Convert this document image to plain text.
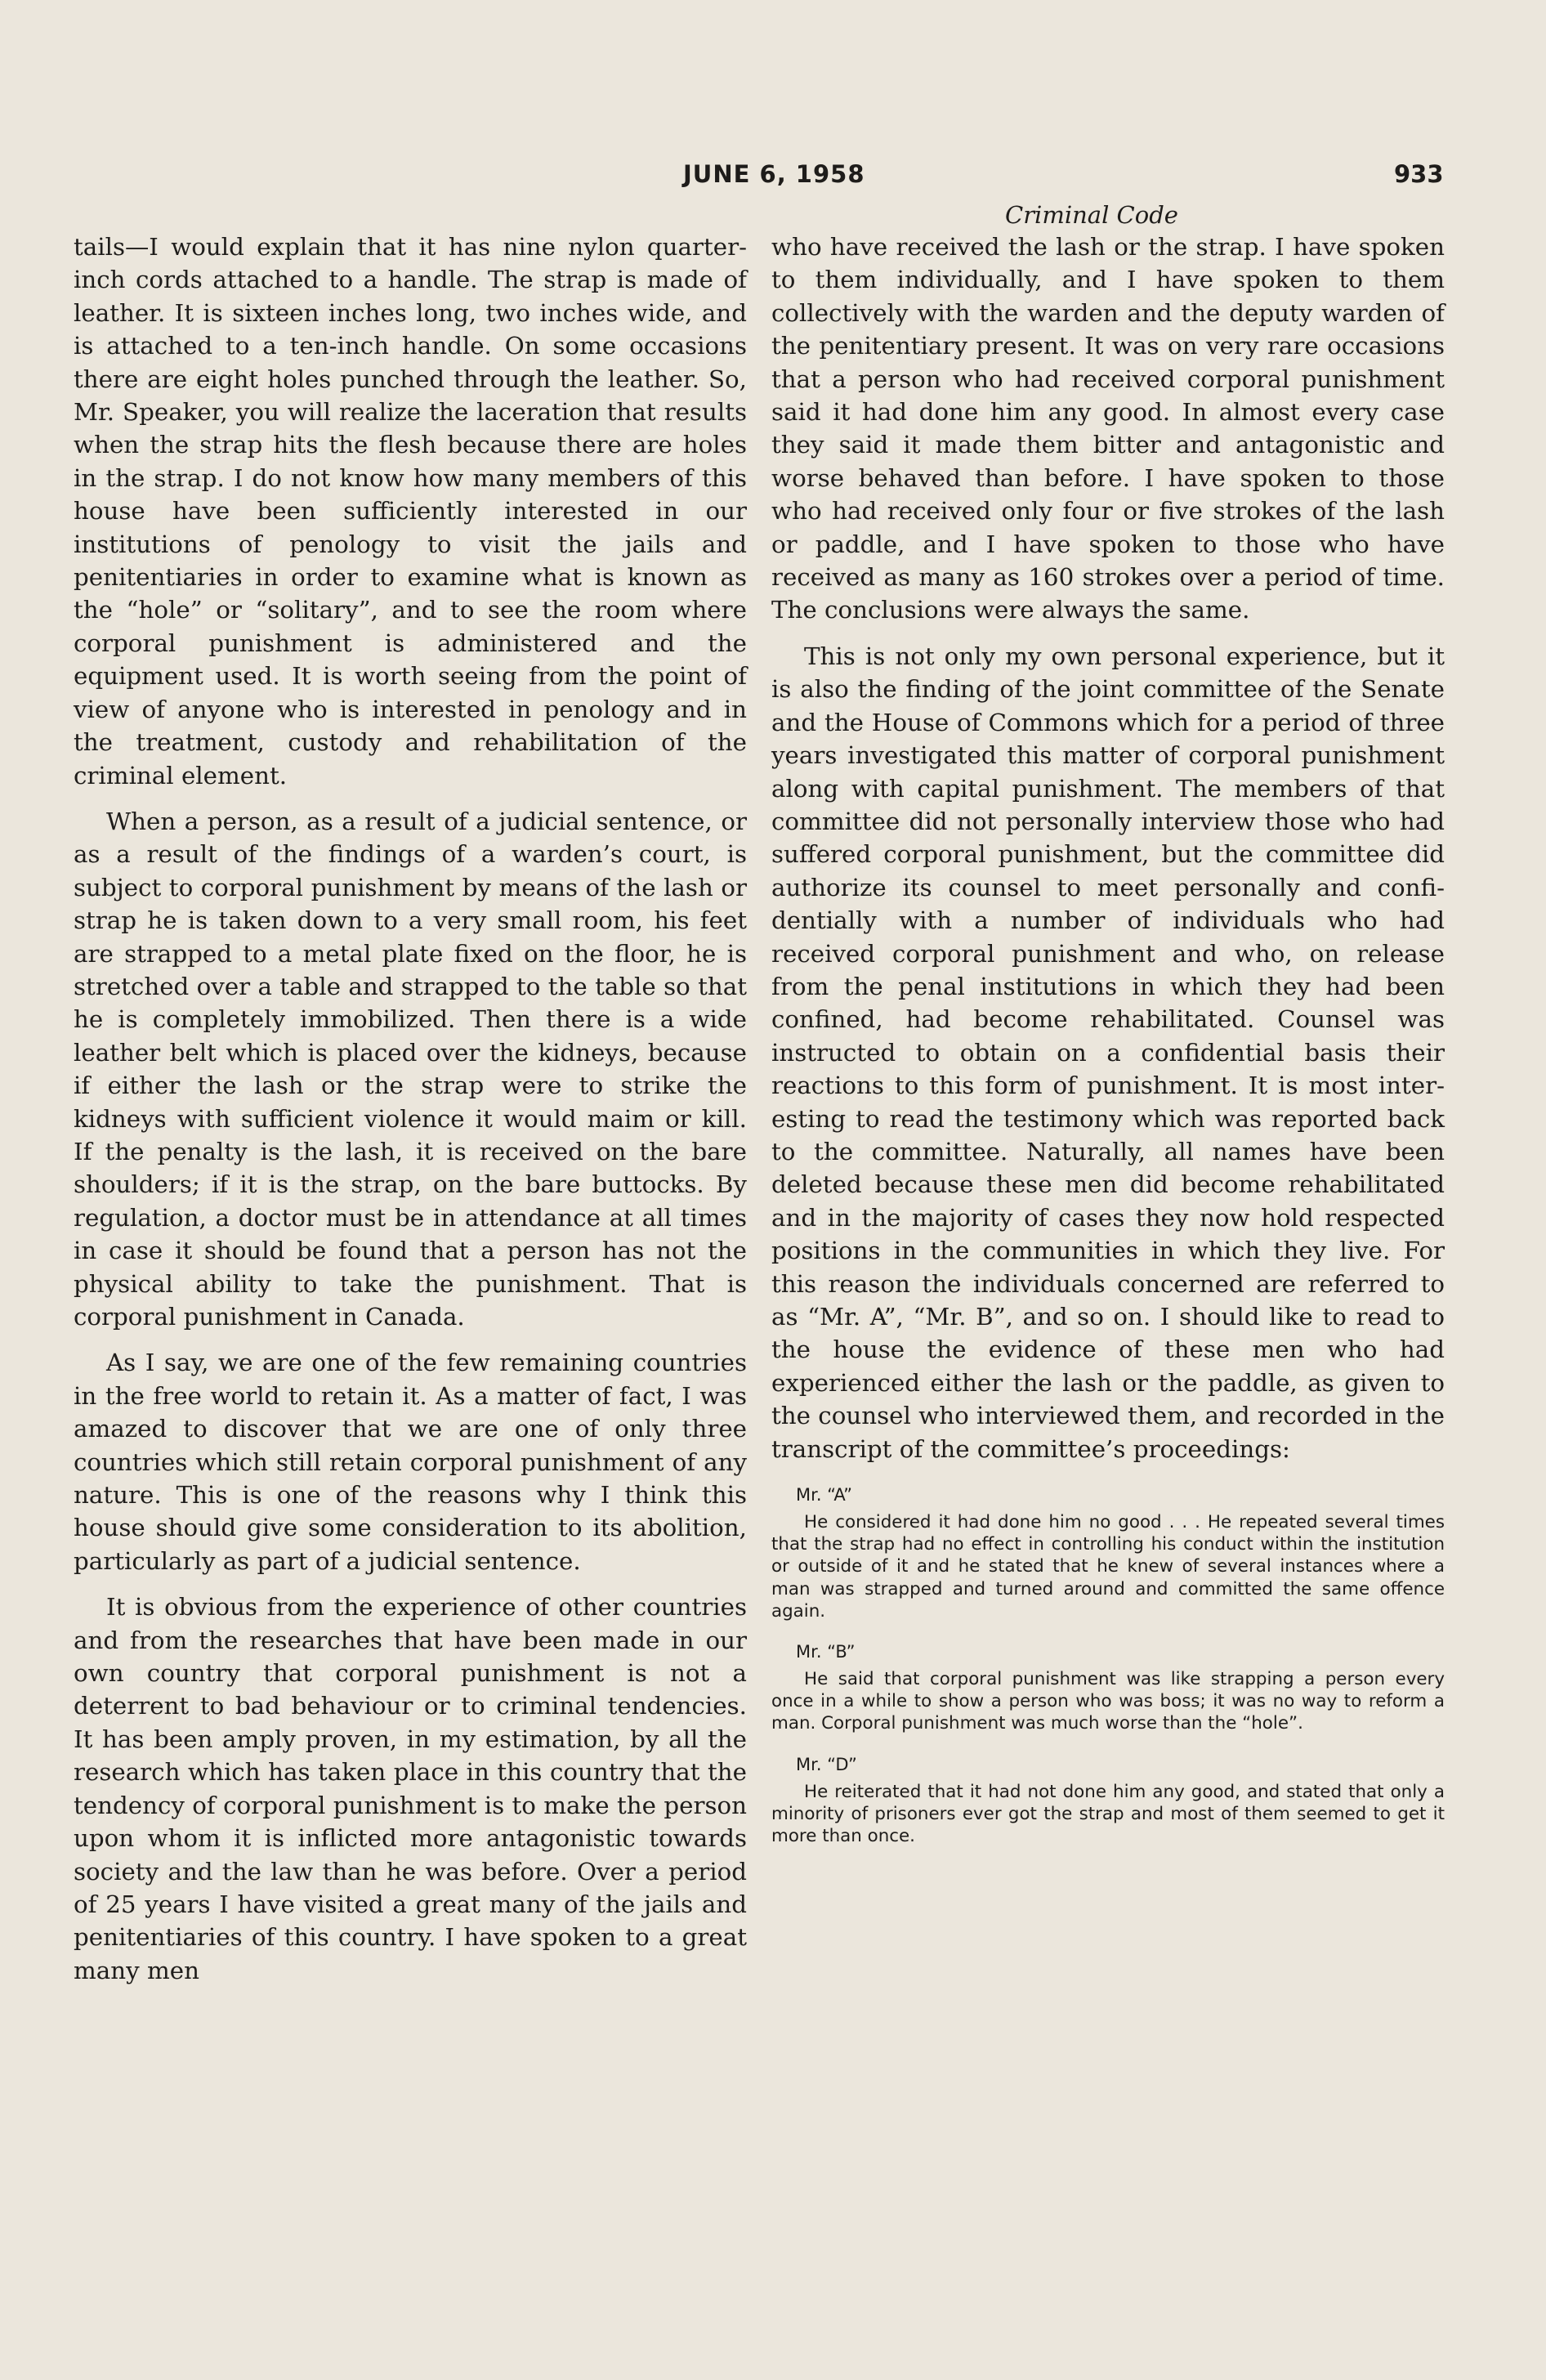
JUNE 6, 1958	933
Criminal Code

tails—I would explain that it has nine nylon quarter-inch cords attached to a handle. The strap is made of leather. It is sixteen inches long, two inches wide, and is attached to a ten-inch handle. On some occasions there are eight holes punched through the leather. So, Mr. Speaker, you will realize the laceration that results when the strap hits the flesh because there are holes in the strap. I do not know how many members of this house have been sufficiently interested in our institutions of penology to visit the jails and penitentiaries in order to examine what is known as the “hole” or “solitary”, and to see the room where corporal punishment is administered and the equipment used. It is worth seeing from the point of view of anyone who is interested in penology and in the treatment, custody and rehabilitation of the criminal element.

When a person, as a result of a judicial sentence, or as a result of the findings of a warden’s court, is subject to corporal punishment by means of the lash or strap he is taken down to a very small room, his feet are strapped to a metal plate fixed on the floor, he is stretched over a table and strapped to the table so that he is completely immobilized. Then there is a wide leather belt which is placed over the kidneys, because if either the lash or the strap were to strike the kidneys with sufficient violence it would maim or kill. If the penalty is the lash, it is received on the bare shoulders; if it is the strap, on the bare buttocks. By regulation, a doctor must be in attendance at all times in case it should be found that a person has not the physical ability to take the punishment. That is corporal punishment in Canada.

As I say, we are one of the few remaining countries in the free world to retain it. As a matter of fact, I was amazed to discover that we are one of only three countries which still retain corporal punishment of any nature. This is one of the reasons why I think this house should give some consideration to its abolition, particularly as part of a judicial sentence.

It is obvious from the experience of other countries and from the researches that have been made in our own country that corporal punishment is not a deterrent to bad behaviour or to criminal tendencies. It has been amply proven, in my estimation, by all the research which has taken place in this country that the tendency of corporal punishment is to make the person upon whom it is inflicted more antagonistic towards society and the law than he was before. Over a period of 25 years I have visited a great many of the jails and penitentiaries of this country. I have spoken to a great many men

who have received the lash or the strap. I have spoken to them individually, and I have spoken to them collectively with the warden and the deputy warden of the penitentiary present. It was on very rare occasions that a person who had received corporal punishment said it had done him any good. In almost every case they said it made them bitter and antagonistic and worse behaved than before. I have spoken to those who had received only four or five strokes of the lash or paddle, and I have spoken to those who have received as many as 160 strokes over a period of time. The conclusions were always the same.

This is not only my own personal experience, but it is also the finding of the joint committee of the Senate and the House of Commons which for a period of three years investigated this matter of corporal punishment along with capital punishment. The members of that committee did not personally interview those who had suffered corporal punishment, but the committee did authorize its counsel to meet personally and confidentially with a number of individuals who had received corporal punishment and who, on release from the penal institutions in which they had been confined, had become rehabilitated. Counsel was instructed to obtain on a confidential basis their reactions to this form of punishment. It is most interesting to read the testimony which was reported back to the committee. Naturally, all names have been deleted because these men did become rehabilitated and in the majority of cases they now hold respected positions in the communities in which they live. For this reason the individuals concerned are referred to as “Mr. A”, “Mr. B”, and so on. I should like to read to the house the evidence of these men who had experienced either the lash or the paddle, as given to the counsel who interviewed them, and recorded in the transcript of the committee’s proceedings:

Mr. “A”

He considered it had done him no good . . . He repeated several times that the strap had no effect in controlling his conduct within the institution or outside of it and he stated that he knew of several instances where a man was strapped and turned around and committed the same offence again.

Mr. “B”

He said that corporal punishment was like strapping a person every once in a while to show a person who was boss; it was no way to reform a man. Corporal punishment was much worse than the “hole”.

Mr. “D”

He reiterated that it had not done him any good, and stated that only a minority of prisoners ever got the strap and most of them seemed to get it more than once.
